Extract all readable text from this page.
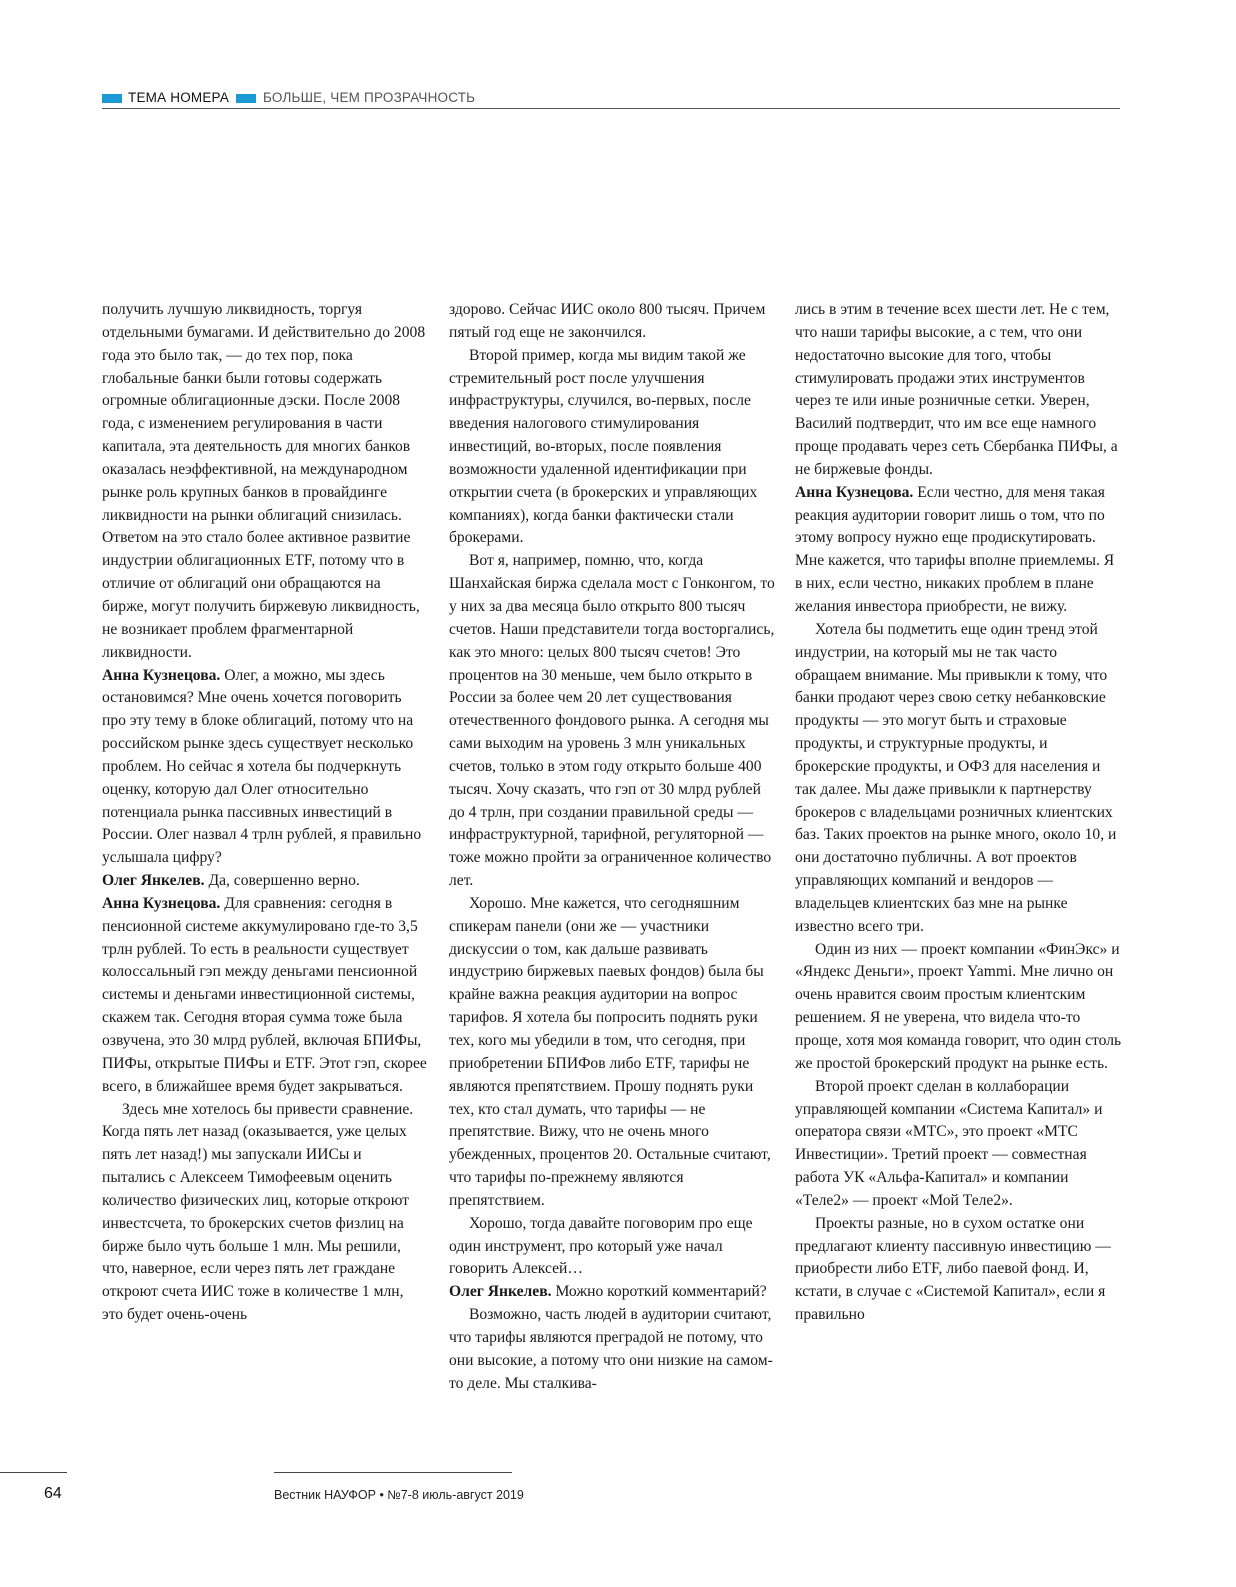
ТЕМА НОМЕРА	БОЛЬШЕ, ЧЕМ ПРОЗРАЧНОСТЬ

получить лучшую ликвидность, торгуя отдельными бумагами. И действительно до 2008 года это было так, — до тех пор, пока глобальные банки были готовы содержать огромные облигационные дэски. После 2008 года, с изменением регулирования в части капитала, эта деятельность для многих банков оказалась неэффективной, на международном рынке роль крупных банков в провайдинге ликвидности на рынки облигаций снизилась. Ответом на это стало более активное развитие индустрии облигационных ETF, потому что в отличие от облигаций они обращаются на бирже, могут получить биржевую ликвидность, не возникает проблем фрагментарной ликвидности.

Анна Кузнецова. Олег, а можно, мы здесь остановимся? Мне очень хочется поговорить про эту тему в блоке облигаций, потому что на российском рынке здесь существует несколько проблем. Но сейчас я хотела бы подчеркнуть оценку, которую дал Олег относительно потенциала рынка пассивных инвестиций в России. Олег назвал 4 трлн рублей, я правильно услышала цифру?

Олег Янкелев. Да, совершенно верно.

Анна Кузнецова. Для сравнения: сегодня в пенсионной системе аккумулировано где-то 3,5 трлн рублей. То есть в реальности существует колоссальный гэп между деньгами пенсионной системы и деньгами инвестиционной системы, скажем так. Сегодня вторая сумма тоже была озвучена, это 30 млрд рублей, включая БПИФы, ПИФы, открытые ПИФы и ETF. Этот гэп, скорее всего, в ближайшее время будет закрываться.

Здесь мне хотелось бы привести сравнение. Когда пять лет назад (оказывается, уже целых пять лет назад!) мы запускали ИИСы и пытались с Алексеем Тимофеевым оценить количество физических лиц, которые откроют инвестсчета, то брокерских счетов физлиц на бирже было чуть больше 1 млн. Мы решили, что, наверное, если через пять лет граждане откроют счета ИИС тоже в количестве 1 млн, это будет очень-очень

здорово. Сейчас ИИС около 800 тысяч. Причем пятый год еще не закончился.

Второй пример, когда мы видим такой же стремительный рост после улучшения инфраструктуры, случился, во-первых, после введения налогового стимулирования инвестиций, во-вторых, после появления возможности удаленной идентификации при открытии счета (в брокерских и управляющих компаниях), когда банки фактически стали брокерами.

Вот я, например, помню, что, когда Шанхайская биржа сделала мост с Гонконгом, то у них за два месяца было открыто 800 тысяч счетов. Наши представители тогда восторгались, как это много: целых 800 тысяч счетов! Это процентов на 30 меньше, чем было открыто в России за более чем 20 лет существования отечественного фондового рынка. А сегодня мы сами выходим на уровень 3 млн уникальных счетов, только в этом году открыто больше 400 тысяч. Хочу сказать, что гэп от 30 млрд рублей до 4 трлн, при создании правильной среды — инфраструктурной, тарифной, регуляторной — тоже можно пройти за ограниченное количество лет.

Хорошо. Мне кажется, что сегодняшним спикерам панели (они же — участники дискуссии о том, как дальше развивать индустрию биржевых паевых фондов) была бы крайне важна реакция аудитории на вопрос тарифов. Я хотела бы попросить поднять руки тех, кого мы убедили в том, что сегодня, при приобретении БПИФов либо ETF, тарифы не являются препятствием. Прошу поднять руки тех, кто стал думать, что тарифы — не препятствие. Вижу, что не очень много убежденных, процентов 20. Остальные считают, что тарифы по-прежнему являются препятствием.

Хорошо, тогда давайте поговорим про еще один инструмент, про который уже начал говорить Алексей…

Олег Янкелев. Можно короткий комментарий?

Возможно, часть людей в аудитории считают, что тарифы являются преградой не потому, что они высокие, а потому что они низкие на самом-то деле. Мы сталкива-

лись в этим в течение всех шести лет. Не с тем, что наши тарифы высокие, а с тем, что они недостаточно высокие для того, чтобы стимулировать продажи этих инструментов через те или иные розничные сетки. Уверен, Василий подтвердит, что им все еще намного проще продавать через сеть Сбербанка ПИФы, а не биржевые фонды.

Анна Кузнецова. Если честно, для меня такая реакция аудитории говорит лишь о том, что по этому вопросу нужно еще продискутировать. Мне кажется, что тарифы вполне приемлемы. Я в них, если честно, никаких проблем в плане желания инвестора приобрести, не вижу.

Хотела бы подметить еще один тренд этой индустрии, на который мы не так часто обращаем внимание. Мы привыкли к тому, что банки продают через свою сетку небанковские продукты — это могут быть и страховые продукты, и структурные продукты, и брокерские продукты, и ОФЗ для населения и так далее. Мы даже привыкли к партнерству брокеров с владельцами розничных клиентских баз. Таких проектов на рынке много, около 10, и они достаточно публичны. А вот проектов управляющих компаний и вендоров — владельцев клиентских баз мне на рынке известно всего три.

Один из них — проект компании «ФинЭкс» и «Яндекс Деньги», проект Yammi. Мне лично он очень нравится своим простым клиентским решением. Я не уверена, что видела что-то проще, хотя моя команда говорит, что один столь же простой брокерский продукт на рынке есть.

Второй проект сделан в коллаборации управляющей компании «Система Капитал» и оператора связи «МТС», это проект «МТС Инвестиции». Третий проект — совместная работа УК «Альфа-Капитал» и компании «Теле2» — проект «Мой Теле2».

Проекты разные, но в сухом остатке они предлагают клиенту пассивную инвестицию — приобрести либо ETF, либо паевой фонд. И, кстати, в случае с «Системой Капитал», если я правильно

64	Вестник НАУФОР • №7-8 июль-август 2019
